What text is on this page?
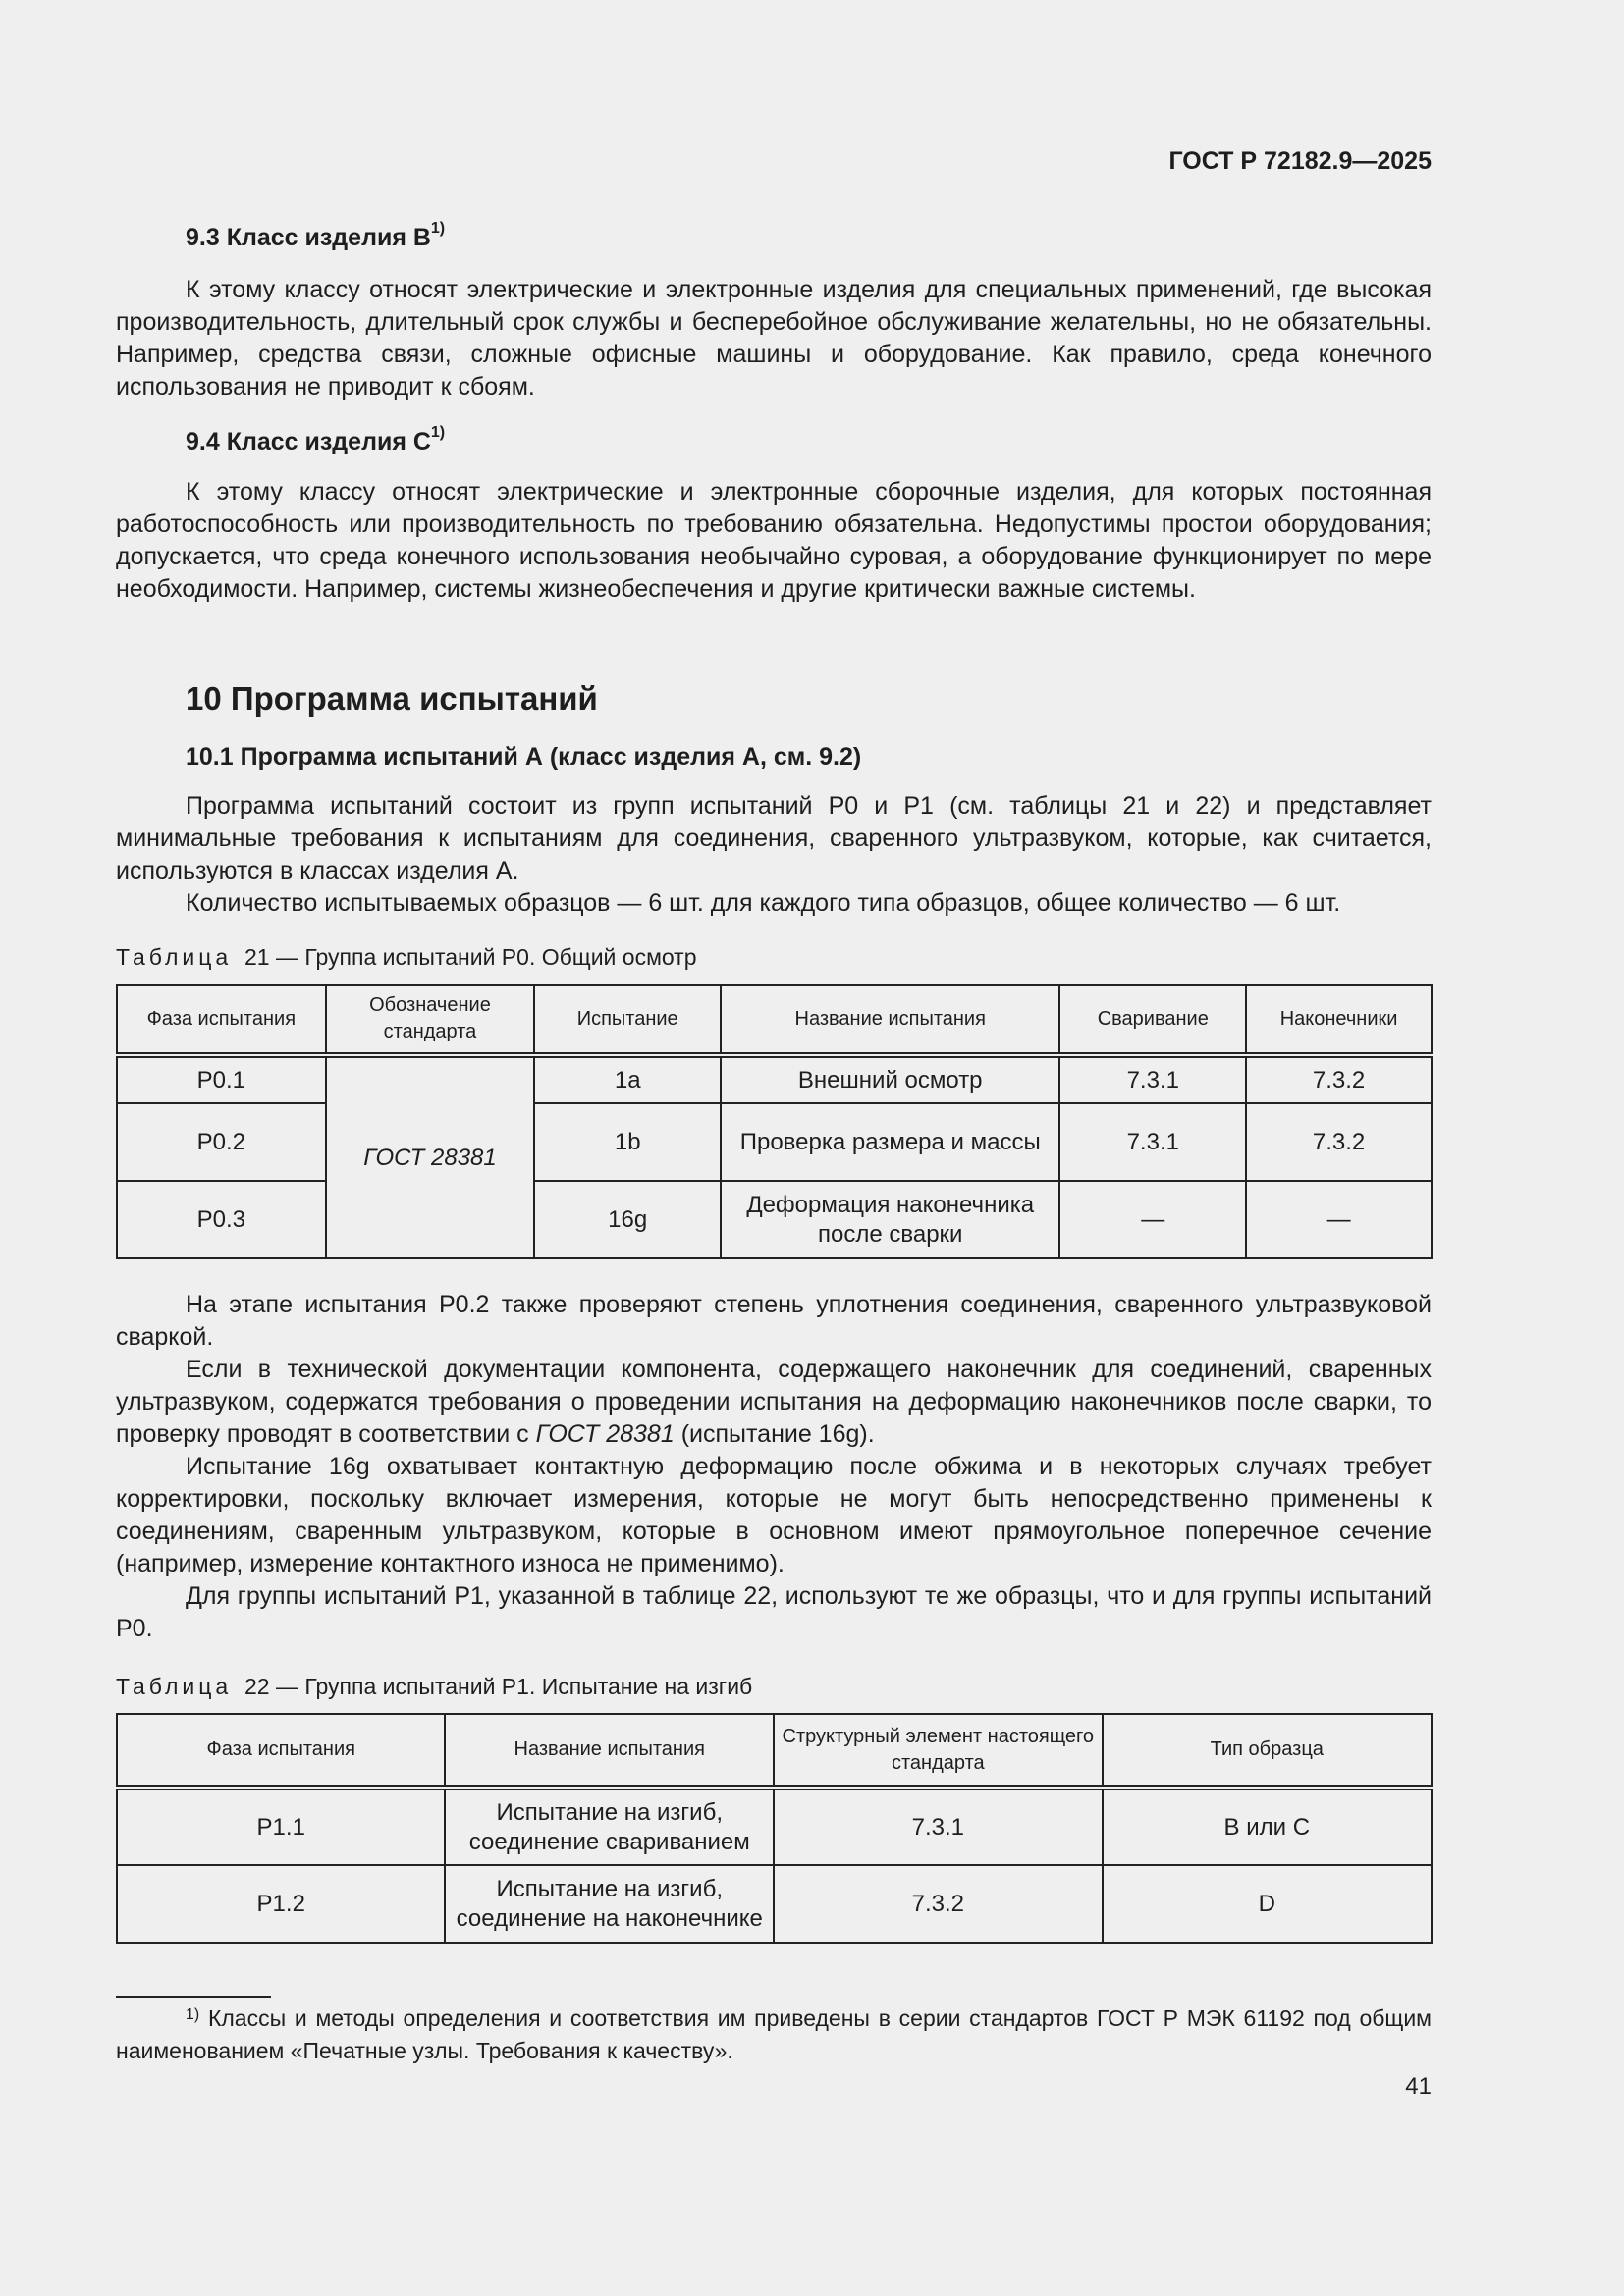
ГОСТ Р 72182.9—2025
9.3 Класс изделия $В^{1)}$
К этому классу относят электрические и электронные изделия для специальных применений, где высокая производительность, длительный срок службы и бесперебойное обслуживание желательны, но не обязательны. Например, средства связи, сложные офисные машины и оборудование. Как правило, среда конечного использования не приводит к сбоям.
9.4 Класс изделия $С^{1)}$
К этому классу относят электрические и электронные сборочные изделия, для которых постоянная работоспособность или производительность по требованию обязательна. Недопустимы простои оборудования; допускается, что среда конечного использования необычайно суровая, а оборудование функционирует по мере необходимости. Например, системы жизнеобеспечения и другие критически важные системы.
10 Программа испытаний
10.1 Программа испытаний А (класс изделия А, см. 9.2)
Программа испытаний состоит из групп испытаний Р0 и Р1 (см. таблицы 21 и 22) и представляет минимальные требования к испытаниям для соединения, сваренного ультразвуком, которые, как считается, используются в классах изделия А.
Количество испытываемых образцов — 6 шт. для каждого типа образцов, общее количество — 6 шт.
Таблица 21 — Группа испытаний Р0. Общий осмотр
Фаза испытания	Обозначение стандарта	Испытание	Название испытания	Сваривание	Наконечники
Р0.1	ГОСТ 28381	1а	Внешний осмотр	7.3.1	7.3.2
Р0.2		1b	Проверка размера и массы	7.3.1	7.3.2
Р0.3		16g	Деформация наконечника после сварки	—	—
На этапе испытания Р0.2 также проверяют степень уплотнения соединения, сваренного ультразвуковой сваркой.
Если в технической документации компонента, содержащего наконечник для соединений, сваренных ультразвуком, содержатся требования о проведении испытания на деформацию наконечников после сварки, то проверку проводят в соответствии с ГОСТ 28381 (испытание 16g).
Испытание 16g охватывает контактную деформацию после обжима и в некоторых случаях требует корректировки, поскольку включает измерения, которые не могут быть непосредственно применены к соединениям, сваренным ультразвуком, которые в основном имеют прямоугольное поперечное сечение (например, измерение контактного износа не применимо).
Для группы испытаний Р1, указанной в таблице 22, используют те же образцы, что и для группы испытаний Р0.
Таблица 22 — Группа испытаний Р1. Испытание на изгиб
Фаза испытания	Название испытания	Структурный элемент настоящего стандарта	Тип образца
Р1.1	Испытание на изгиб, соединение свариванием	7.3.1	В или С
Р1.2	Испытание на изгиб, соединение на наконечнике	7.3.2	D
$^{1)}$ Классы и методы определения и соответствия им приведены в серии стандартов ГОСТ Р МЭК 61192 под общим наименованием «Печатные узлы. Требования к качеству».
41
